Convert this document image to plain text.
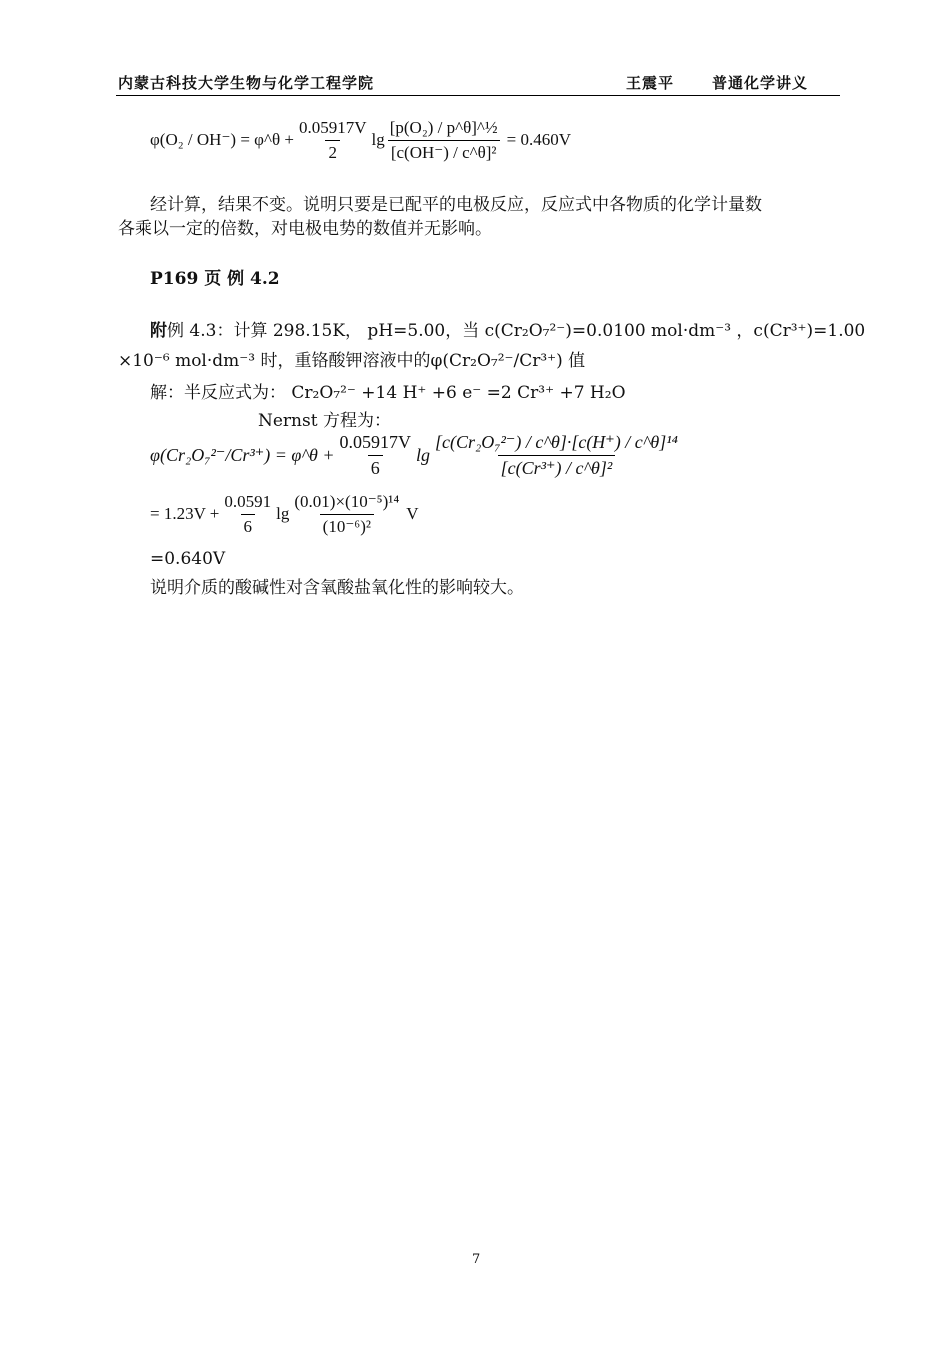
内蒙古科技大学生物与化学工程学院	王震平	普通化学讲义
φ(O₂ / OH⁻) = φ^θ + $\frac{0.05917V}{2}$ $\lg \frac{\text{[p(O₂) / p\textasciicircum{}θ]\textasciicircum{}½}}{\text{[c(OH⁻) / c\textasciicircum{}θ]²}} = 0.460V$
经计算，结果不变。说明只要是已配平的电极反应，反应式中各物质的化学计量数
各乘以一定的倍数，对电极电势的数值并无影响。
P169 页 例 4.2
附例 4.3：计算 298.15K， pH=5.00，当 c(Cr₂O₇²⁻)=0.0100 mol·dm⁻³ ，c(Cr³⁺)=1.00
×10⁻⁶ mol·dm⁻³ 时，重铬酸钾溶液中的φ(Cr₂O₇²⁻/Cr³⁺) 值
解：半反应式为： Cr₂O₇²⁻ +14 H⁺ +6 e⁻ =2 Cr³⁺ +7 H₂O
Nernst 方程为：
φ(Cr₂O₇²⁻/Cr³⁺) = φ^θ + $\frac{0.05917V}{6}$ $\lg \frac{\text{[c(Cr₂O₇²⁻) / c\textasciicircum{}θ]·[c(H⁺) / c\textasciicircum{}θ]¹⁴}}{\text{[c(Cr³⁺) / c\textasciicircum{}θ]²}}$
= $1.23V + \frac{0.0591}{6}$ $\lg \frac{\text{(0.01)×(10⁻⁵)¹⁴}}{\text{(10⁻⁶)²}}$ V
=0.640V
说明介质的酸碱性对含氧酸盐氧化性的影响较大。
7
